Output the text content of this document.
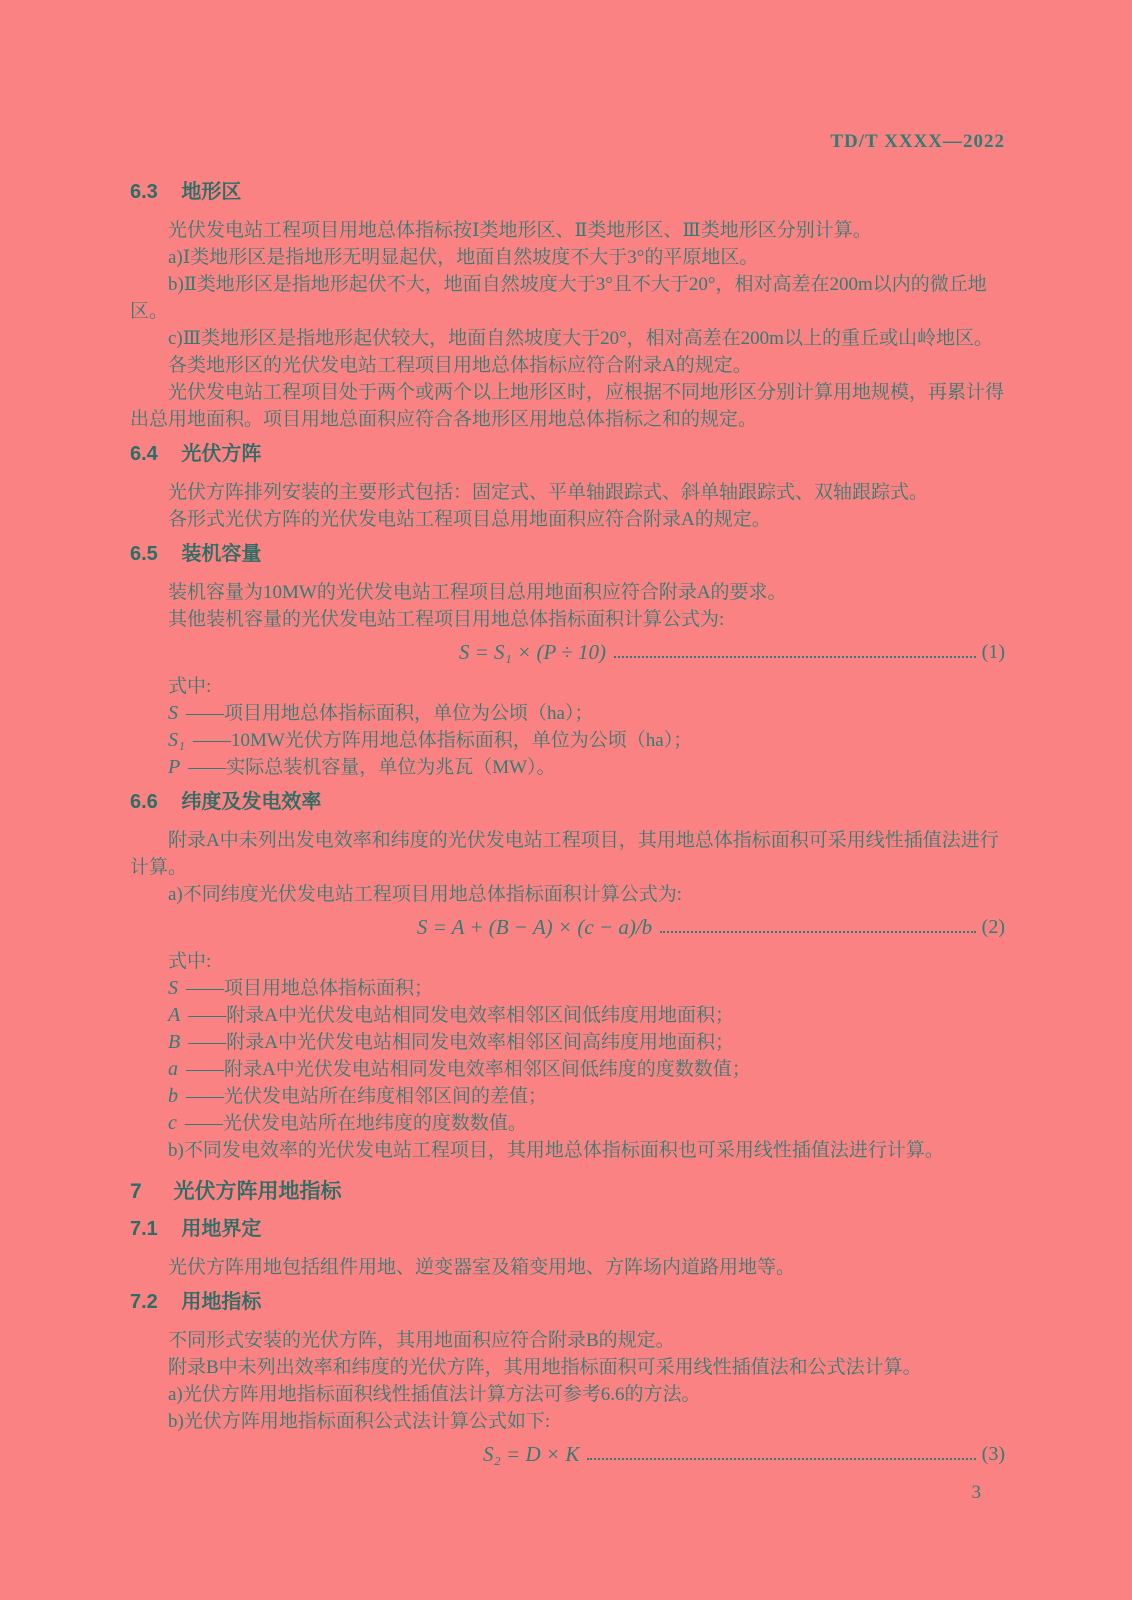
TD/T XXXX—2022
6.3 地形区

光伏发电站工程项目用地总体指标按Ⅰ类地形区、Ⅱ类地形区、Ⅲ类地形区分别计算。

a)Ⅰ类地形区是指地形无明显起伏，地面自然坡度不大于3°的平原地区。

b)Ⅱ类地形区是指地形起伏不大，地面自然坡度大于3°且不大于20°，相对高差在200m以内的微丘地区。

c)Ⅲ类地形区是指地形起伏较大，地面自然坡度大于20°，相对高差在200m以上的重丘或山岭地区。

各类地形区的光伏发电站工程项目用地总体指标应符合附录A的规定。

光伏发电站工程项目处于两个或两个以上地形区时，应根据不同地形区分别计算用地规模，再累计得出总用地面积。项目用地总面积应符合各地形区用地总体指标之和的规定。

6.4 光伏方阵

光伏方阵排列安装的主要形式包括：固定式、平单轴跟踪式、斜单轴跟踪式、双轴跟踪式。

各形式光伏方阵的光伏发电站工程项目总用地面积应符合附录A的规定。

6.5 装机容量

装机容量为10MW的光伏发电站工程项目总用地面积应符合附录A的要求。

其他装机容量的光伏发电站工程项目用地总体指标面积计算公式为:

S = S₁ × (P ÷ 10)	(1)

式中:

S ——项目用地总体指标面积，单位为公顷（ha）；

S₁ ——10MW光伏方阵用地总体指标面积，单位为公顷（ha）；

P ——实际总装机容量，单位为兆瓦（MW）。

6.6 纬度及发电效率

附录A中未列出发电效率和纬度的光伏发电站工程项目，其用地总体指标面积可采用线性插值法进行计算。

a)不同纬度光伏发电站工程项目用地总体指标面积计算公式为:

S = A + (B − A) × (c − a)/b	(2)

式中:

S ——项目用地总体指标面积；

A ——附录A中光伏发电站相同发电效率相邻区间低纬度用地面积；

B ——附录A中光伏发电站相同发电效率相邻区间高纬度用地面积；

a ——附录A中光伏发电站相同发电效率相邻区间低纬度的度数数值；

b ——光伏发电站所在纬度相邻区间的差值；

c ——光伏发电站所在地纬度的度数数值。

b)不同发电效率的光伏发电站工程项目，其用地总体指标面积也可采用线性插值法进行计算。

7 光伏方阵用地指标
7.1 用地界定

光伏方阵用地包括组件用地、逆变器室及箱变用地、方阵场内道路用地等。

7.2 用地指标

不同形式安装的光伏方阵，其用地面积应符合附录B的规定。

附录B中未列出效率和纬度的光伏方阵，其用地指标面积可采用线性插值法和公式法计算。

a)光伏方阵用地指标面积线性插值法计算方法可参考6.6的方法。

b)光伏方阵用地指标面积公式法计算公式如下:

S₂ = D × K	(3)
3
